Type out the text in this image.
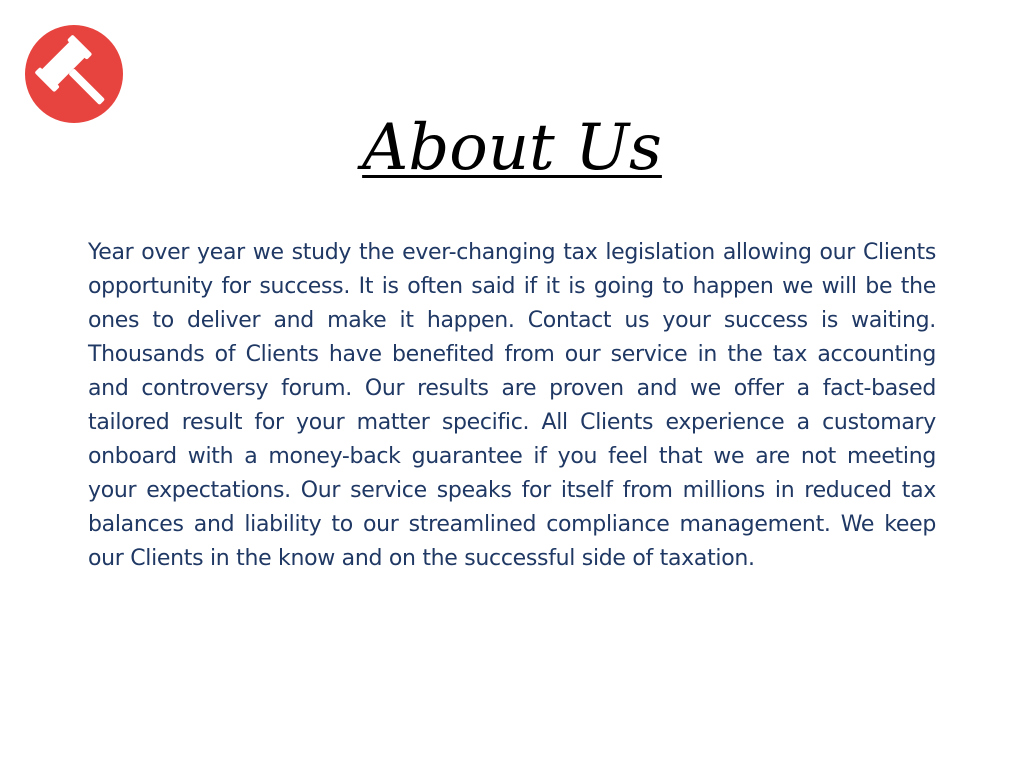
About Us

Year over year we study the ever-changing tax legislation allowing our Clients opportunity for success. It is often said if it is going to happen we will be the ones to deliver and make it happen. Contact us your success is waiting. Thousands of Clients have benefited from our service in the tax accounting and controversy forum. Our results are proven and we offer a fact-based tailored result for your matter specific. All Clients experience a customary onboard with a money-back guarantee if you feel that we are not meeting your expectations. Our service speaks for itself from millions in reduced tax balances and liability to our streamlined compliance management. We keep our Clients in the know and on the successful side of taxation.
